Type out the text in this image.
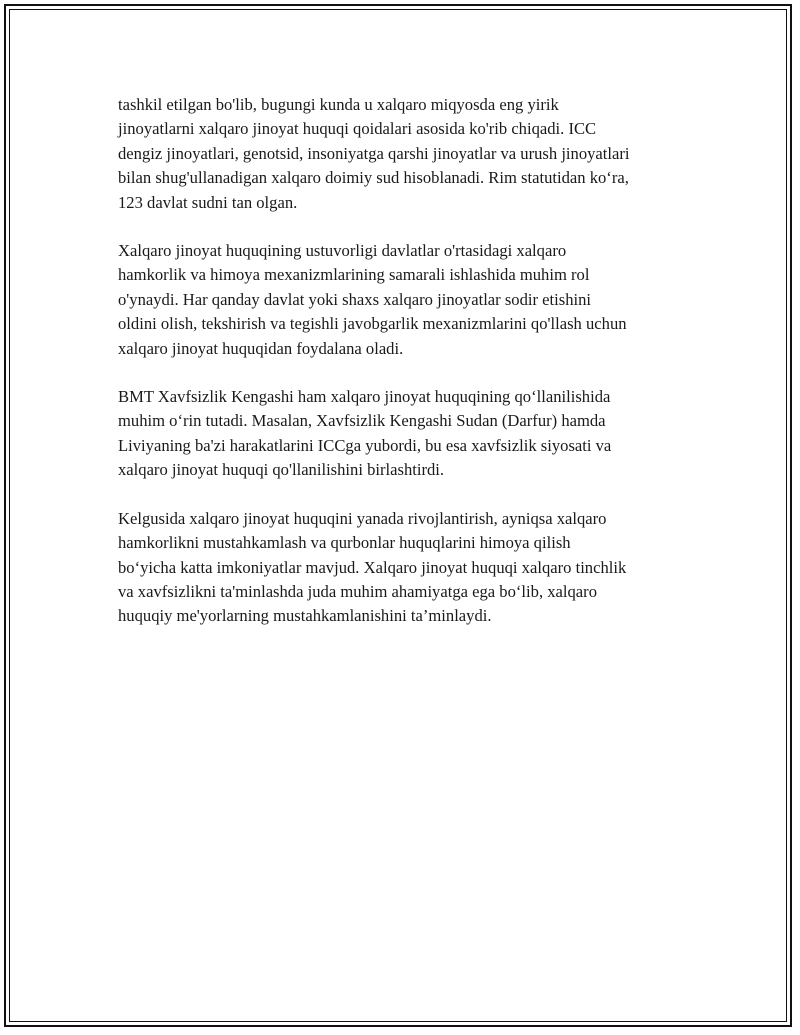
tashkil etilgan bo'lib, bugungi kunda u xalqaro miqyosda eng yirik
jinoyatlarni xalqaro jinoyat huquqi qoidalari asosida ko'rib chiqadi. ICC
dengiz jinoyatlari, genotsid, insoniyatga qarshi jinoyatlar va urush jinoyatlari
bilan shug'ullanadigan xalqaro doimiy sud hisoblanadi. Rim statutidan ko‘ra,
123 davlat sudni tan olgan.

Xalqaro jinoyat huquqining ustuvorligi davlatlar o'rtasidagi xalqaro
hamkorlik va himoya mexanizmlarining samarali ishlashida muhim rol
o'ynaydi. Har qanday davlat yoki shaxs xalqaro jinoyatlar sodir etishini
oldini olish, tekshirish va tegishli javobgarlik mexanizmlarini qo'llash uchun
xalqaro jinoyat huquqidan foydalana oladi.

BMT Xavfsizlik Kengashi ham xalqaro jinoyat huquqining qo‘llanilishida
muhim o‘rin tutadi. Masalan, Xavfsizlik Kengashi Sudan (Darfur) hamda
Liviyaning ba'zi harakatlarini ICCga yubordi, bu esa xavfsizlik siyosati va
xalqaro jinoyat huquqi qo'llanilishini birlashtirdi.

Kelgusida xalqaro jinoyat huquqini yanada rivojlantirish, ayniqsa xalqaro
hamkorlikni mustahkamlash va qurbonlar huquqlarini himoya qilish
bo‘yicha katta imkoniyatlar mavjud. Xalqaro jinoyat huquqi xalqaro tinchlik
va xavfsizlikni ta'minlashda juda muhim ahamiyatga ega bo‘lib, xalqaro
huquqiy me'yorlarning mustahkamlanishini ta’minlaydi.
